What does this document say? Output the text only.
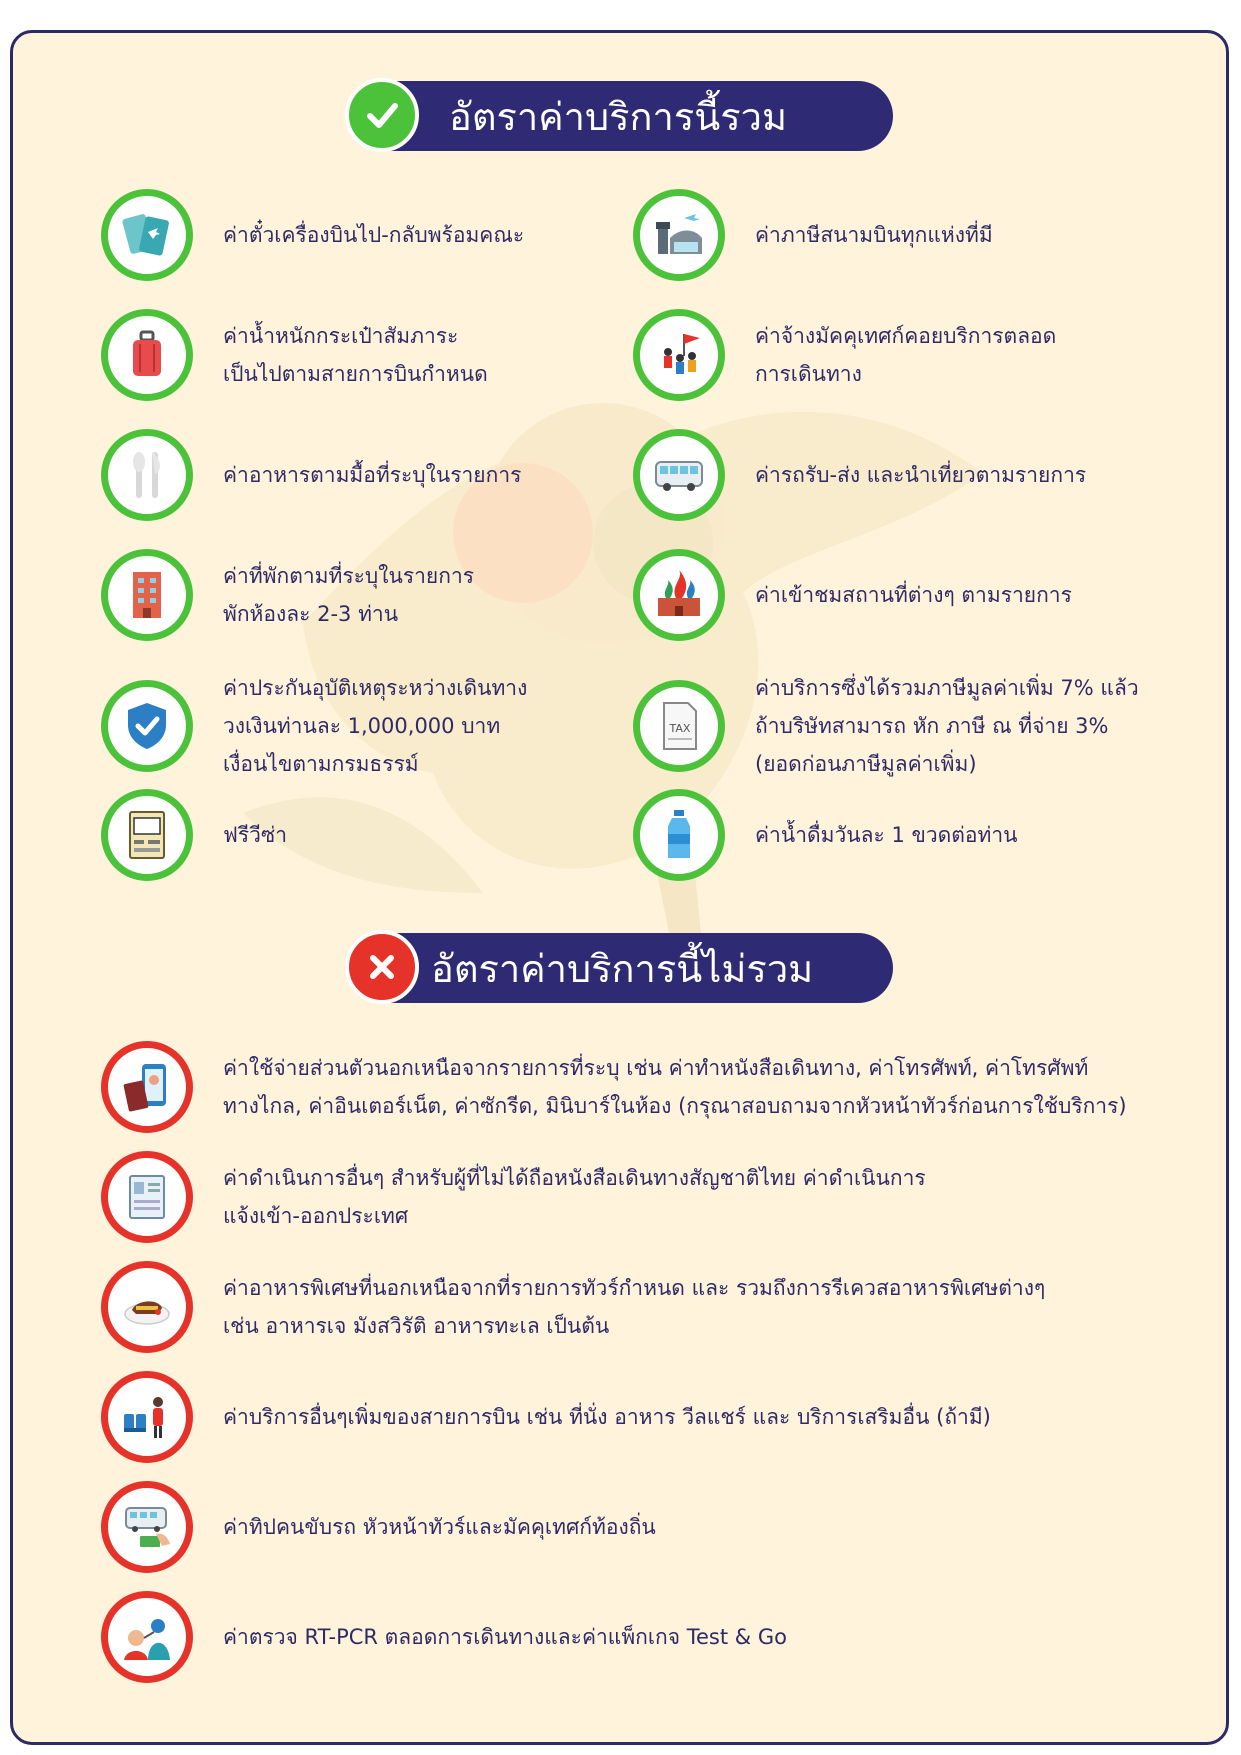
อัตราค่าบริการนี้รวม
ค่าตั๋วเครื่องบินไป-กลับพร้อมคณะ
ค่าน้ำหนักกระเป๋าสัมภาระ
เป็นไปตามสายการบินกำหนด
ค่าอาหารตามมื้อที่ระบุในรายการ
ค่าที่พักตามที่ระบุในรายการ
พักห้องละ 2-3 ท่าน
ค่าประกันอุบัติเหตุระหว่างเดินทาง
วงเงินท่านละ 1,000,000 บาท
เงื่อนไขตามกรมธรรม์
ฟรีวีซ่า
ค่าภาษีสนามบินทุกแห่งที่มี
ค่าจ้างมัคคุเทศก์คอยบริการตลอด
การเดินทาง
ค่ารถรับ-ส่ง และนำเที่ยวตามรายการ
ค่าเข้าชมสถานที่ต่างๆ ตามรายการ
TAX
ค่าบริการซึ่งได้รวมภาษีมูลค่าเพิ่ม 7% แล้ว
ถ้าบริษัทสามารถ หัก ภาษี ณ ที่จ่าย 3%
(ยอดก่อนภาษีมูลค่าเพิ่ม)
ค่าน้ำดื่มวันละ 1 ขวดต่อท่าน
อัตราค่าบริการนี้ไม่รวม
ค่าใช้จ่ายส่วนตัวนอกเหนือจากรายการที่ระบุ เช่น ค่าทำหนังสือเดินทาง, ค่าโทรศัพท์, ค่าโทรศัพท์
ทางไกล, ค่าอินเตอร์เน็ต, ค่าซักรีด, มินิบาร์ในห้อง (กรุณาสอบถามจากหัวหน้าทัวร์ก่อนการใช้บริการ)
ค่าดำเนินการอื่นๆ สำหรับผู้ที่ไม่ได้ถือหนังสือเดินทางสัญชาติไทย ค่าดำเนินการ
แจ้งเข้า-ออกประเทศ
ค่าอาหารพิเศษที่นอกเหนือจากที่รายการทัวร์กำหนด และ รวมถึงการรีเควสอาหารพิเศษต่างๆ
เช่น อาหารเจ มังสวิรัติ อาหารทะเล เป็นต้น
ค่าบริการอื่นๆเพิ่มของสายการบิน เช่น ที่นั่ง อาหาร วีลแชร์ และ บริการเสริมอื่น (ถ้ามี)
ค่าทิปคนขับรถ หัวหน้าทัวร์และมัคคุเทศก์ท้องถิ่น
ค่าตรวจ RT-PCR ตลอดการเดินทางและค่าแพ็กเกจ Test & Go
